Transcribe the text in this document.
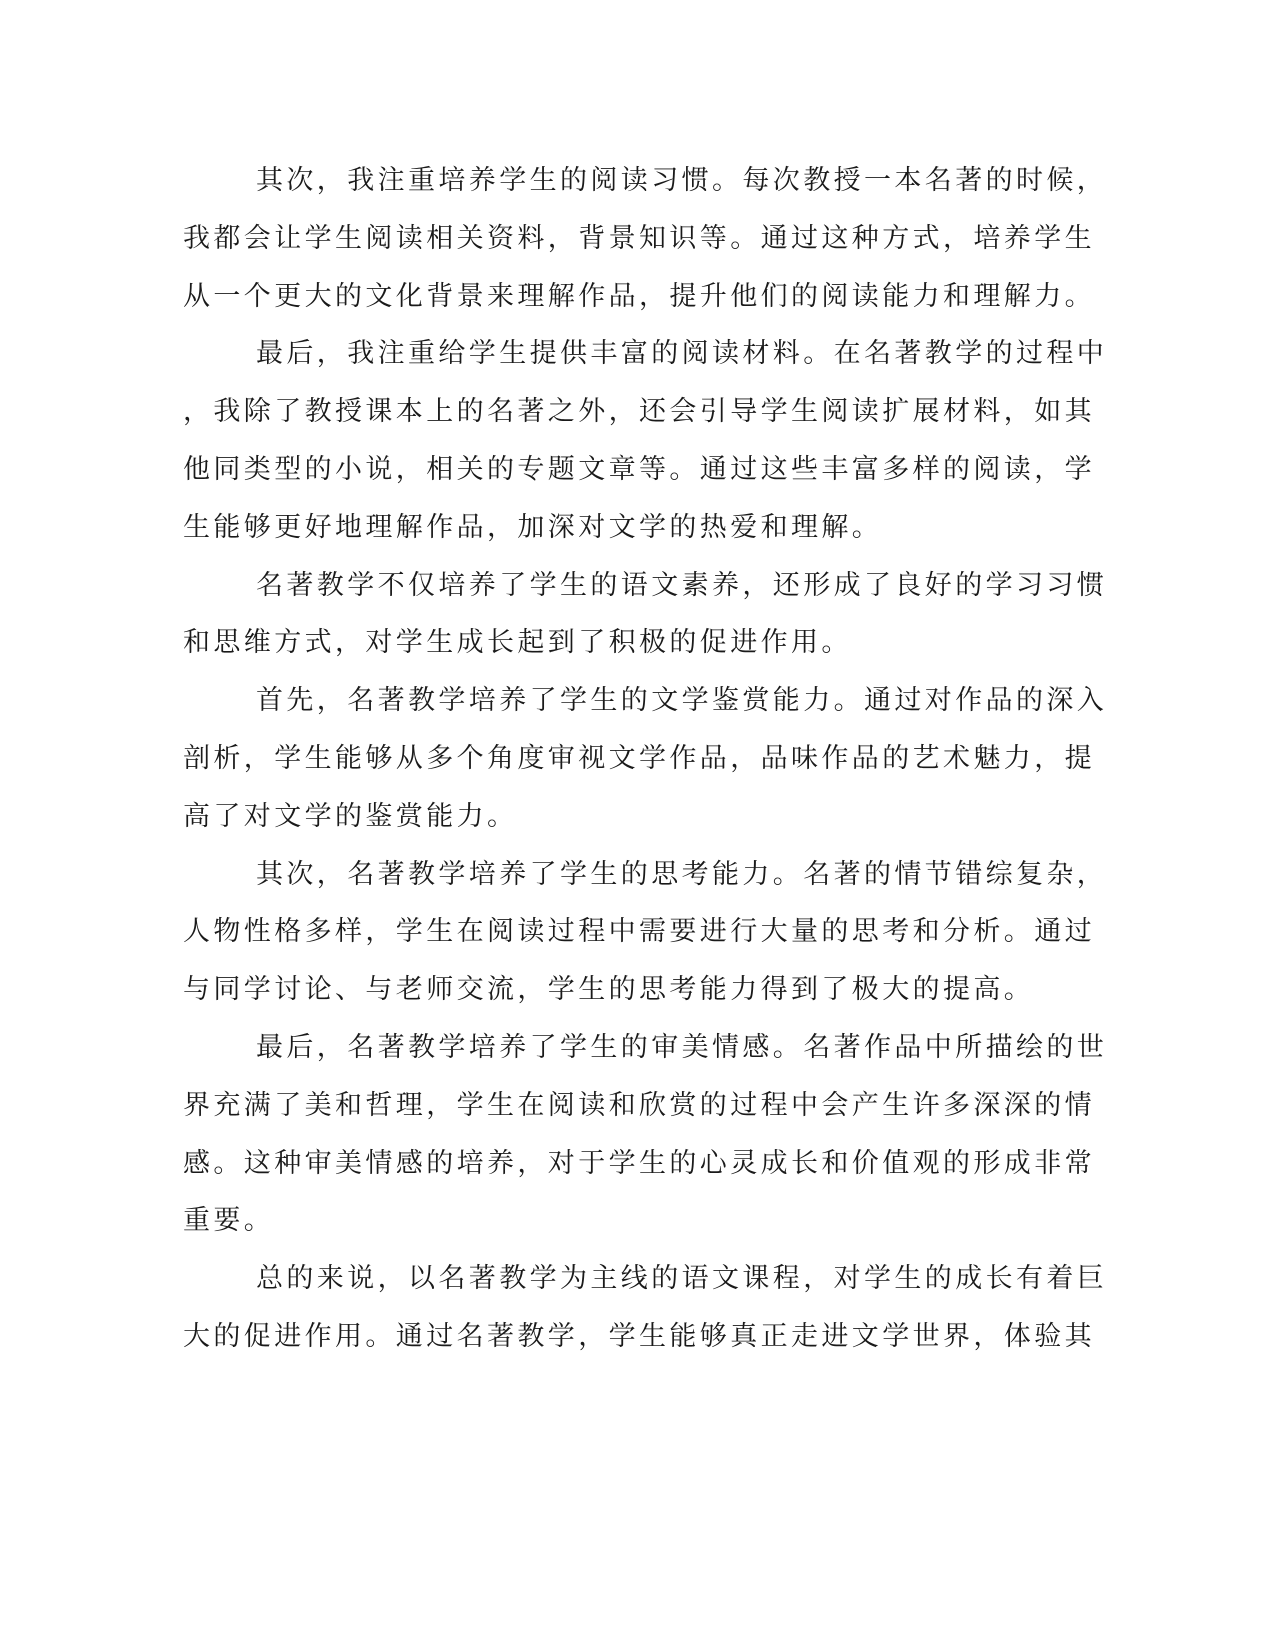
其次，我注重培养学生的阅读习惯。每次教授一本名著的时候，
我都会让学生阅读相关资料，背景知识等。通过这种方式，培养学生
从一个更大的文化背景来理解作品，提升他们的阅读能力和理解力。
最后，我注重给学生提供丰富的阅读材料。在名著教学的过程中
，我除了教授课本上的名著之外，还会引导学生阅读扩展材料，如其
他同类型的小说，相关的专题文章等。通过这些丰富多样的阅读，学
生能够更好地理解作品，加深对文学的热爱和理解。
名著教学不仅培养了学生的语文素养，还形成了良好的学习习惯
和思维方式，对学生成长起到了积极的促进作用。
首先，名著教学培养了学生的文学鉴赏能力。通过对作品的深入
剖析，学生能够从多个角度审视文学作品，品味作品的艺术魅力，提
高了对文学的鉴赏能力。
其次，名著教学培养了学生的思考能力。名著的情节错综复杂，
人物性格多样，学生在阅读过程中需要进行大量的思考和分析。通过
与同学讨论、与老师交流，学生的思考能力得到了极大的提高。
最后，名著教学培养了学生的审美情感。名著作品中所描绘的世
界充满了美和哲理，学生在阅读和欣赏的过程中会产生许多深深的情
感。这种审美情感的培养，对于学生的心灵成长和价值观的形成非常
重要。
总的来说，以名著教学为主线的语文课程，对学生的成长有着巨
大的促进作用。通过名著教学，学生能够真正走进文学世界，体验其
